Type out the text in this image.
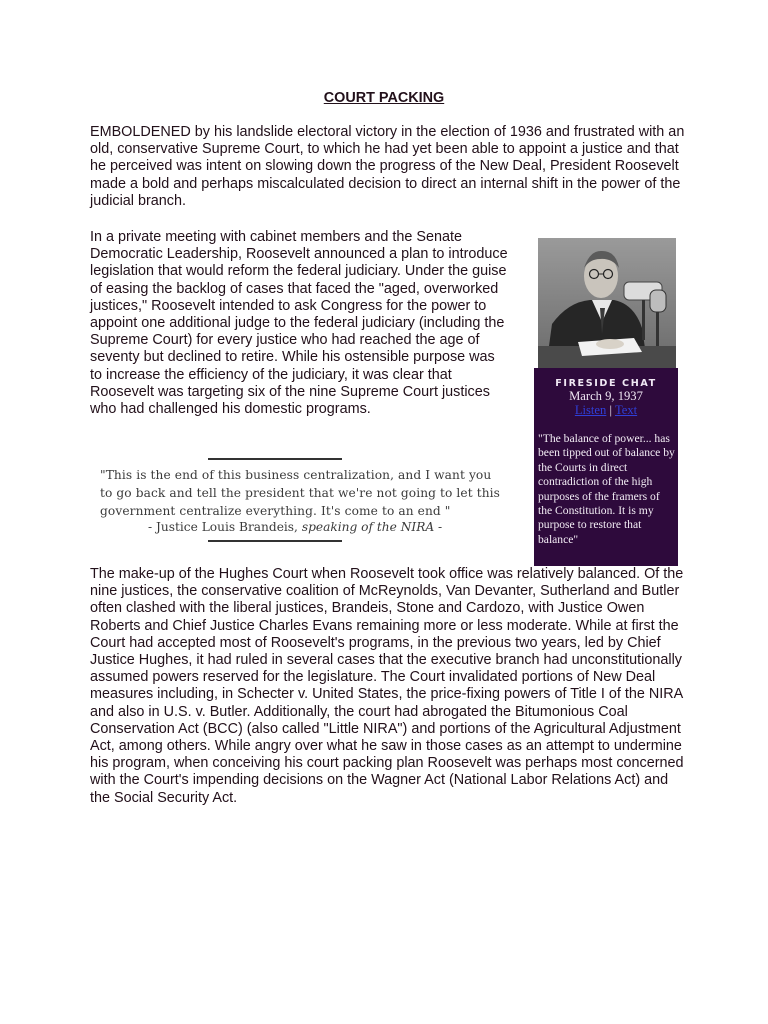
COURT PACKING
EMBOLDENED by his landslide electoral victory in the election of 1936 and frustrated with an old, conservative Supreme Court, to which he had yet been able to appoint a justice and that he perceived was intent on slowing down the progress of the New Deal, President Roosevelt made a bold and perhaps miscalculated decision to direct an internal shift in the power of the judicial branch.
In a private meeting with cabinet members and the Senate Democratic Leadership, Roosevelt announced a plan to introduce legislation that would reform the federal judiciary. Under the guise of easing the backlog of cases that faced the "aged, overworked justices," Roosevelt intended to ask Congress for the power to appoint one additional judge to the federal judiciary (including the Supreme Court) for every justice who had reached the age of seventy but declined to retire. While his ostensible purpose was to increase the efficiency of the judiciary, it was clear that Roosevelt was targeting six of the nine Supreme Court justices who had challenged his domestic programs.
"This is the end of this business centralization, and I want you to go back and tell the president that we're not going to let this government centralize everything. It's come to an end "
- Justice Louis Brandeis, speaking of the NIRA -
FIRESIDE CHAT
March 9, 1937
Listen | Text
"The balance of power... has been tipped out of balance by the Courts in direct contradiction of the high purposes of the framers of the Constitution. It is my purpose to restore that balance"
The make-up of the Hughes Court when Roosevelt took office was relatively balanced. Of the nine justices, the conservative coalition of McReynolds, Van Devanter, Sutherland and Butler often clashed with the liberal justices, Brandeis, Stone and Cardozo, with Justice Owen Roberts and Chief Justice Charles Evans remaining more or less moderate. While at first the Court had accepted most of Roosevelt's programs, in the previous two years, led by Chief Justice Hughes, it had ruled in several cases that the executive branch had unconstitutionally assumed powers reserved for the legislature. The Court invalidated portions of New Deal measures including, in Schecter v. United States, the price-fixing powers of Title I of the NIRA and also in U.S. v. Butler. Additionally, the court had abrogated the Bitumonious Coal Conservation Act (BCC) (also called "Little NIRA") and portions of the Agricultural Adjustment Act, among others. While angry over what he saw in those cases as an attempt to undermine his program, when conceiving his court packing plan Roosevelt was perhaps most concerned with the Court's impending decisions on the Wagner Act (National Labor Relations Act) and the Social Security Act.
